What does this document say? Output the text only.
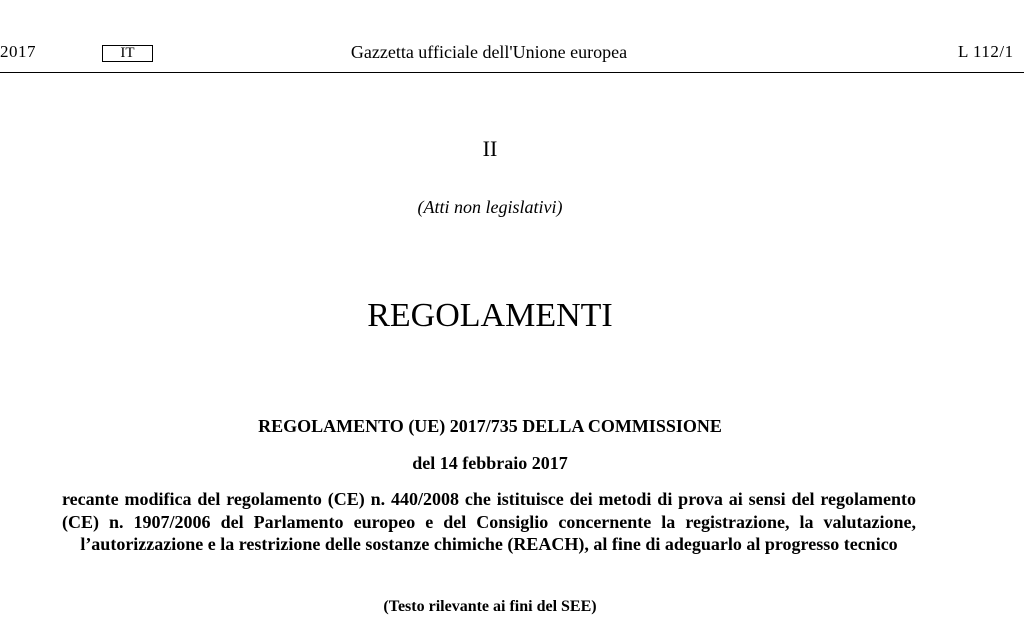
2017	IT	Gazzetta ufficiale dell'Unione europea	L 112/1
II
(Atti non legislativi)
REGOLAMENTI
REGOLAMENTO (UE) 2017/735 DELLA COMMISSIONE
del 14 febbraio 2017
recante modifica del regolamento (CE) n. 440/2008 che istituisce dei metodi di prova ai sensi del regolamento (CE) n. 1907/2006 del Parlamento europeo e del Consiglio concernente la registrazione, la valutazione, l’autorizzazione e la restrizione delle sostanze chimiche (REACH), al fine di adeguarlo al progresso tecnico
(Testo rilevante ai fini del SEE)
